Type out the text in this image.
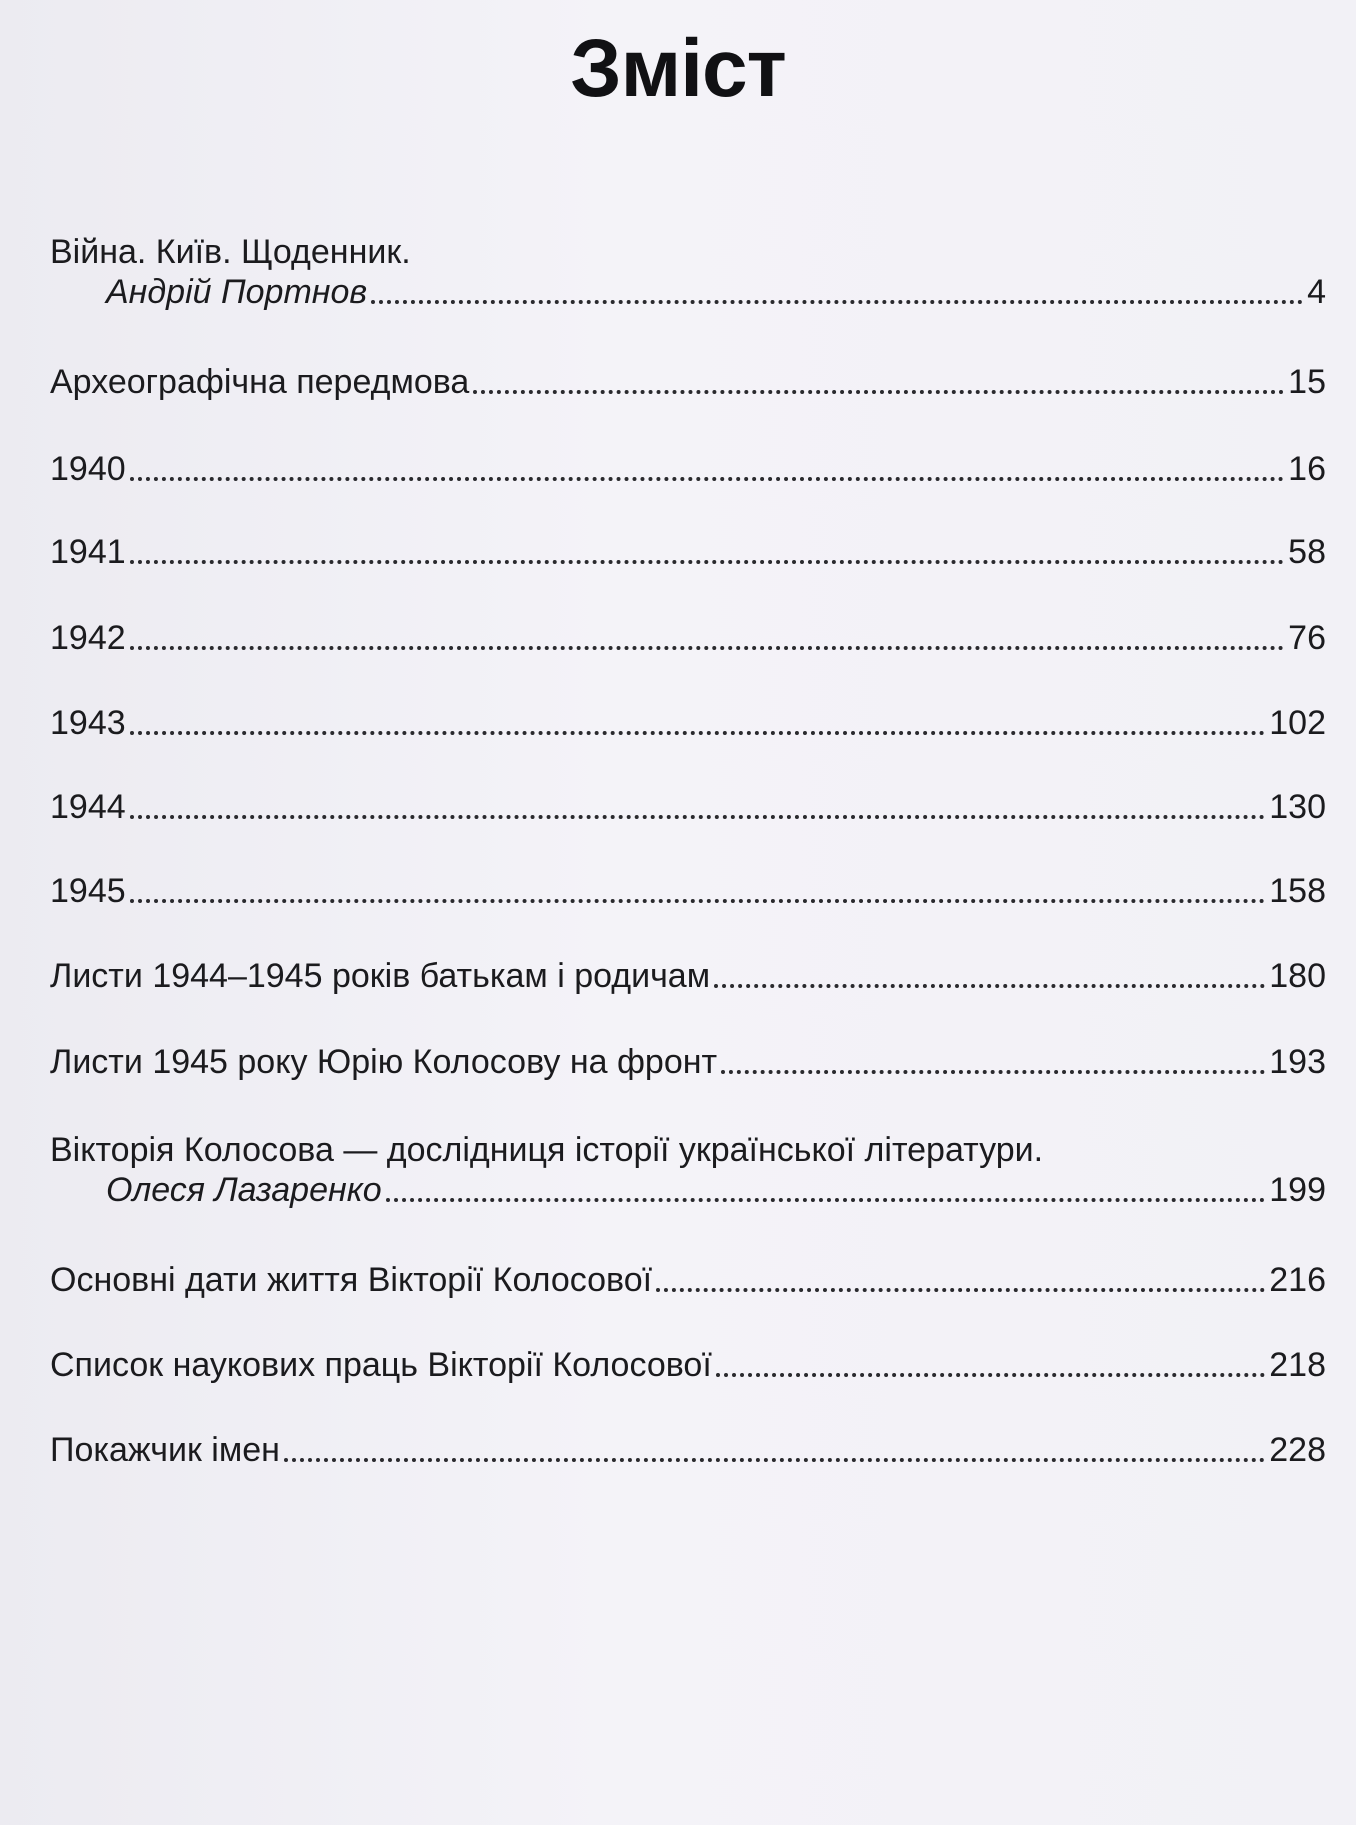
Зміст
Війна. Київ. Щоденник.
Андрій Портнов	4
Археографічна передмова	15
1940	16
1941	58
1942	76
1943	102
1944	130
1945	158
Листи 1944–1945 років батькам і родичам	180
Листи 1945 року Юрію Колосову на фронт	193
Вікторія Колосова — дослідниця історії української літератури.
Олеся Лазаренко	199
Основні дати життя Вікторії Колосової	216
Список наукових праць Вікторії Колосової	218
Покажчик імен	228
